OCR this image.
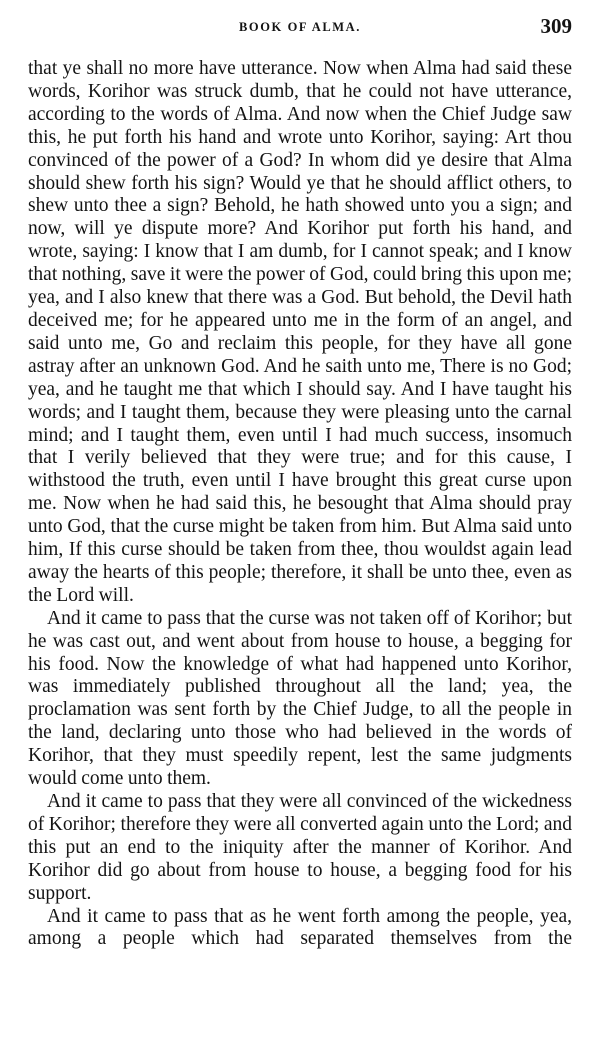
BOOK OF ALMA.	309

that ye shall no more have utterance. Now when Alma had said these words, Korihor was struck dumb, that he could not have utterance, according to the words of Alma. And now when the Chief Judge saw this, he put forth his hand and wrote unto Korihor, saying: Art thou convinced of the power of a God? In whom did ye desire that Alma should shew forth his sign? Would ye that he should afflict others, to shew unto thee a sign? Behold, he hath showed unto you a sign; and now, will ye dispute more? And Korihor put forth his hand, and wrote, saying: I know that I am dumb, for I cannot speak; and I know that nothing, save it were the power of God, could bring this upon me; yea, and I also knew that there was a God. But behold, the Devil hath deceived me; for he appeared unto me in the form of an angel, and said unto me, Go and reclaim this people, for they have all gone astray after an unknown God. And he saith unto me, There is no God; yea, and he taught me that which I should say. And I have taught his words; and I taught them, because they were pleasing unto the carnal mind; and I taught them, even until I had much success, insomuch that I verily believed that they were true; and for this cause, I withstood the truth, even until I have brought this great curse upon me. Now when he had said this, he besought that Alma should pray unto God, that the curse might be taken from him. But Alma said unto him, If this curse should be taken from thee, thou wouldst again lead away the hearts of this people; therefore, it shall be unto thee, even as the Lord will.

And it came to pass that the curse was not taken off of Korihor; but he was cast out, and went about from house to house, a begging for his food. Now the knowledge of what had happened unto Korihor, was immediately published throughout all the land; yea, the proclamation was sent forth by the Chief Judge, to all the people in the land, declaring unto those who had believed in the words of Korihor, that they must speedily repent, lest the same judgments would come unto them.

And it came to pass that they were all convinced of the wickedness of Korihor; therefore they were all converted again unto the Lord; and this put an end to the iniquity after the manner of Korihor. And Korihor did go about from house to house, a begging food for his support.

And it came to pass that as he went forth among the people, yea, among a people which had separated themselves from the
